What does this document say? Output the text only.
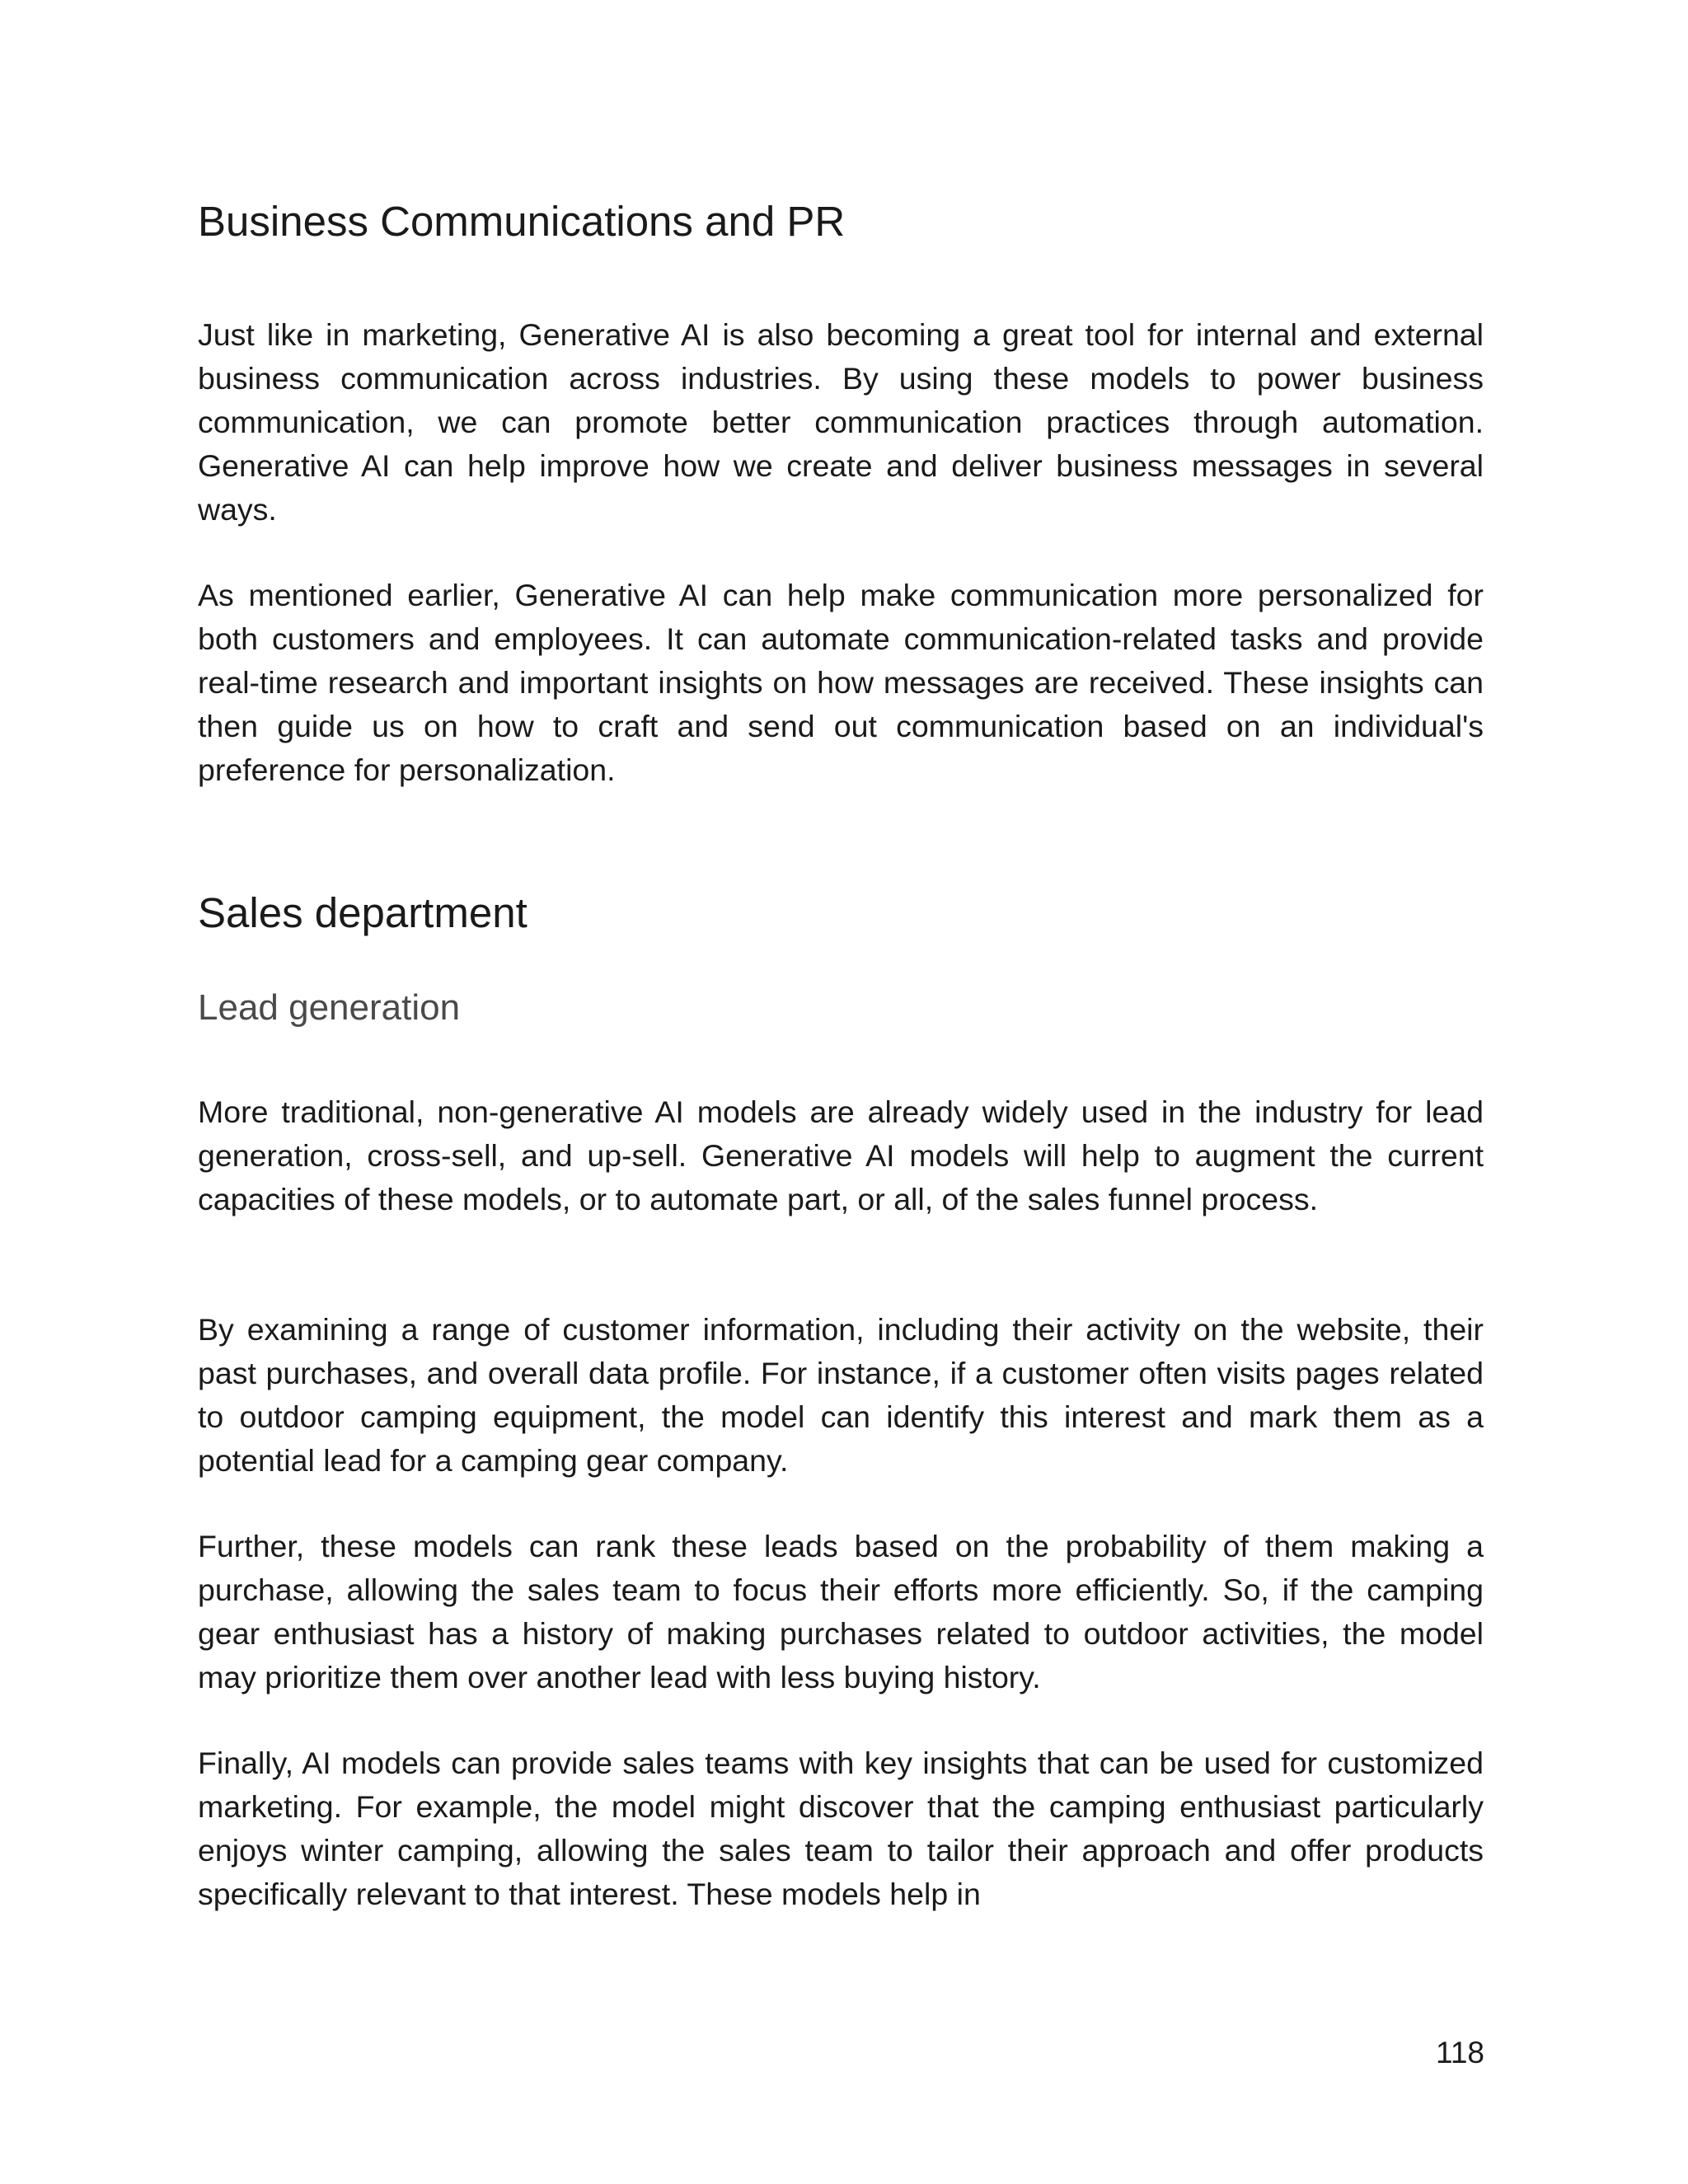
Business Communications and PR

Just like in marketing, Generative AI is also becoming a great tool for internal and external business communication across industries. By using these models to power business communication, we can promote better communication practices through automation. Generative AI can help improve how we create and deliver business messages in several ways.

As mentioned earlier, Generative AI can help make communication more personalized for both customers and employees. It can automate communication-related tasks and provide real-time research and important insights on how messages are received. These insights can then guide us on how to craft and send out communication based on an individual's preference for personalization.

Sales department
Lead generation

More traditional, non-generative AI models are already widely used in the industry for lead generation, cross-sell, and up-sell. Generative AI models will help to augment the current capacities of these models, or to automate part, or all, of the sales funnel process.

By examining a range of customer information, including their activity on the website, their past purchases, and overall data profile. For instance, if a customer often visits pages related to outdoor camping equipment, the model can identify this interest and mark them as a potential lead for a camping gear company.

Further, these models can rank these leads based on the probability of them making a purchase, allowing the sales team to focus their efforts more efficiently. So, if the camping gear enthusiast has a history of making purchases related to outdoor activities, the model may prioritize them over another lead with less buying history.

Finally, AI models can provide sales teams with key insights that can be used for customized marketing. For example, the model might discover that the camping enthusiast particularly enjoys winter camping, allowing the sales team to tailor their approach and offer products specifically relevant to that interest. These models help in

118
